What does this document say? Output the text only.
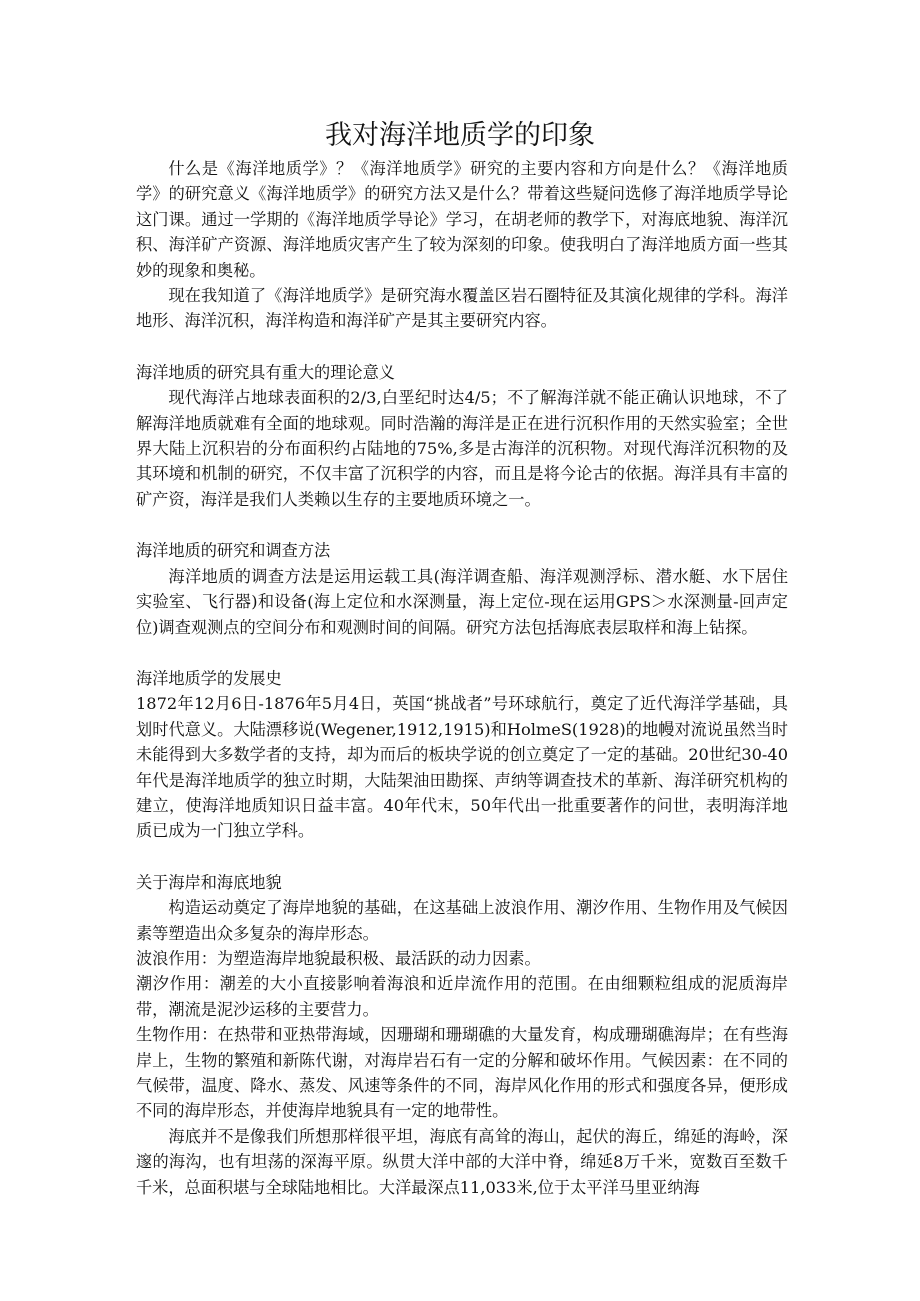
我对海洋地质学的印象

什么是《海洋地质学》？《海洋地质学》研究的主要内容和方向是什么？《海洋地质学》的研究意义《海洋地质学》的研究方法又是什么？带着这些疑问选修了海洋地质学导论这门课。通过一学期的《海洋地质学导论》学习，在胡老师的教学下，对海底地貌、海洋沉积、海洋矿产资源、海洋地质灾害产生了较为深刻的印象。使我明白了海洋地质方面一些其妙的现象和奥秘。

现在我知道了《海洋地质学》是研究海水覆盖区岩石圈特征及其演化规律的学科。海洋地形、海洋沉积，海洋构造和海洋矿产是其主要研究内容。

海洋地质的研究具有重大的理论意义

现代海洋占地球表面积的2/3,白垩纪时达4/5；不了解海洋就不能正确认识地球，不了解海洋地质就难有全面的地球观。同时浩瀚的海洋是正在进行沉积作用的天然实验室；全世界大陆上沉积岩的分布面积约占陆地的75%,多是古海洋的沉积物。对现代海洋沉积物的及其环境和机制的研究，不仅丰富了沉积学的内容，而且是将今论古的依据。海洋具有丰富的矿产资，海洋是我们人类赖以生存的主要地质环境之一。

海洋地质的研究和调查方法

海洋地质的调查方法是运用运载工具(海洋调查船、海洋观测浮标、潜水艇、水下居住实验室、飞行器)和设备(海上定位和水深测量，海上定位-现在运用GPS＞水深测量-回声定位)调查观测点的空间分布和观测时间的间隔。研究方法包括海底表层取样和海上钻探。

海洋地质学的发展史

1872年12月6日-1876年5月4日，英国“挑战者”号环球航行，奠定了近代海洋学基础，具划时代意义。大陆漂移说(Wegener,1912,1915)和HolmeS(1928)的地幔对流说虽然当时未能得到大多数学者的支持，却为而后的板块学说的创立奠定了一定的基础。20世纪30-40年代是海洋地质学的独立时期，大陆架油田勘探、声纳等调查技术的革新、海洋研究机构的建立，使海洋地质知识日益丰富。40年代末，50年代出一批重要著作的问世，表明海洋地质已成为一门独立学科。

关于海岸和海底地貌

构造运动奠定了海岸地貌的基础，在这基础上波浪作用、潮汐作用、生物作用及气候因素等塑造出众多复杂的海岸形态。

波浪作用：为塑造海岸地貌最积极、最活跃的动力因素。

潮汐作用：潮差的大小直接影响着海浪和近岸流作用的范围。在由细颗粒组成的泥质海岸带，潮流是泥沙运移的主要营力。

生物作用：在热带和亚热带海域，因珊瑚和珊瑚礁的大量发育，构成珊瑚礁海岸；在有些海岸上，生物的繁殖和新陈代谢，对海岸岩石有一定的分解和破坏作用。气候因素：在不同的气候带，温度、降水、蒸发、风速等条件的不同，海岸风化作用的形式和强度各异，便形成不同的海岸形态，并使海岸地貌具有一定的地带性。

海底并不是像我们所想那样很平坦，海底有高耸的海山，起伏的海丘，绵延的海岭，深邃的海沟，也有坦荡的深海平原。纵贯大洋中部的大洋中脊，绵延8万千米，宽数百至数千千米，总面积堪与全球陆地相比。大洋最深点11,033米,位于太平洋马里亚纳海
